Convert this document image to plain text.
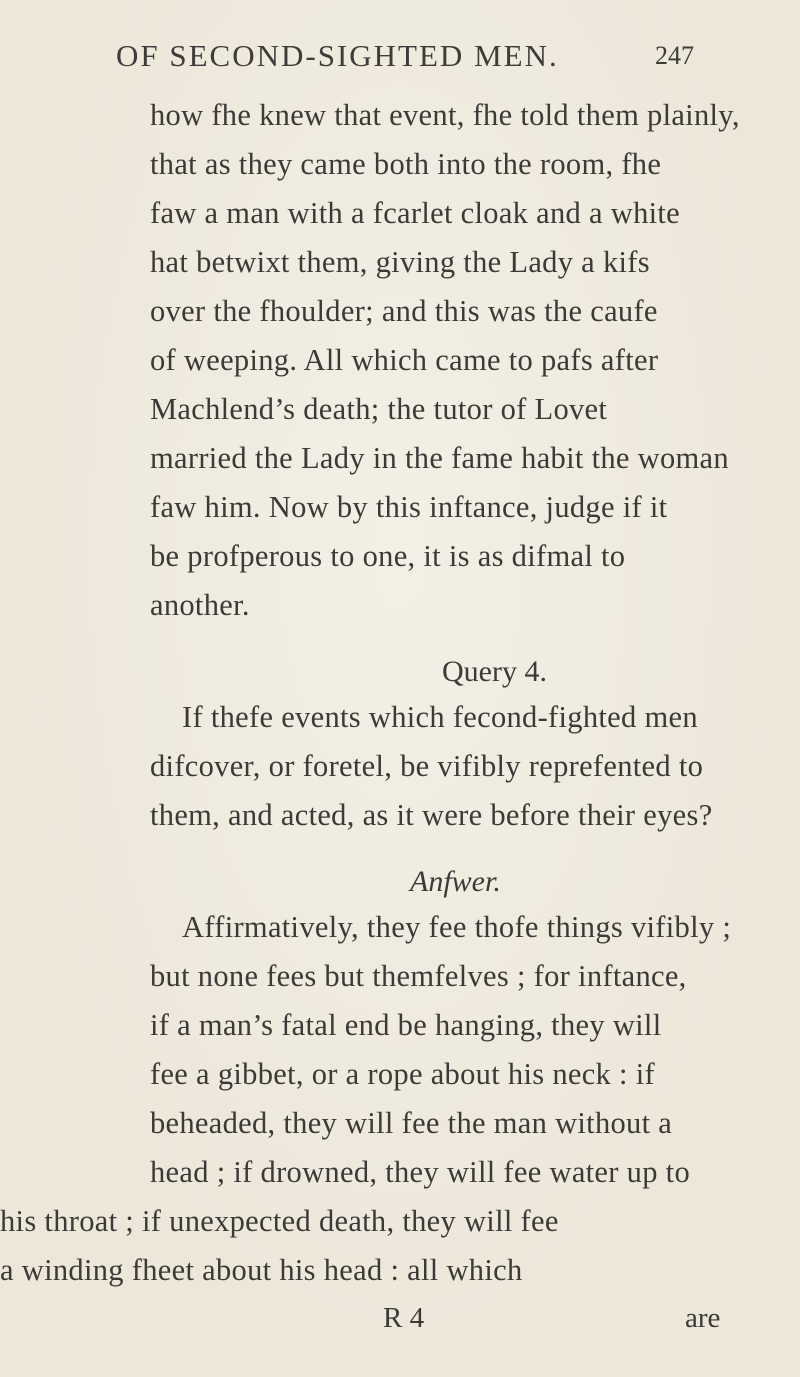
OF SECOND-SIGHTED MEN.	247
how fhe knew that event, fhe told them plainly,
that as they came both into the room, fhe
faw a man with a fcarlet cloak and a white
hat betwixt them, giving the Lady a kifs
over the fhoulder; and this was the caufe
of weeping. All which came to pafs after
Machlend’s death; the tutor of Lovet
married the Lady in the fame habit the woman
faw him. Now by this inftance, judge if it
be profperous to one, it is as difmal to
another.
Query 4.
If thefe events which fecond-fighted men
difcover, or foretel, be vifibly reprefented to
them, and acted, as it were before their eyes?
Anfwer.
Affirmatively, they fee thofe things vifibly ;
but none fees but themfelves ; for inftance,
if a man’s fatal end be hanging, they will
fee a gibbet, or a rope about his neck : if
beheaded, they will fee the man without a
head ; if drowned, they will fee water up to
his throat ; if unexpected death, they will fee
a winding fheet about his head : all which
R 4	are
